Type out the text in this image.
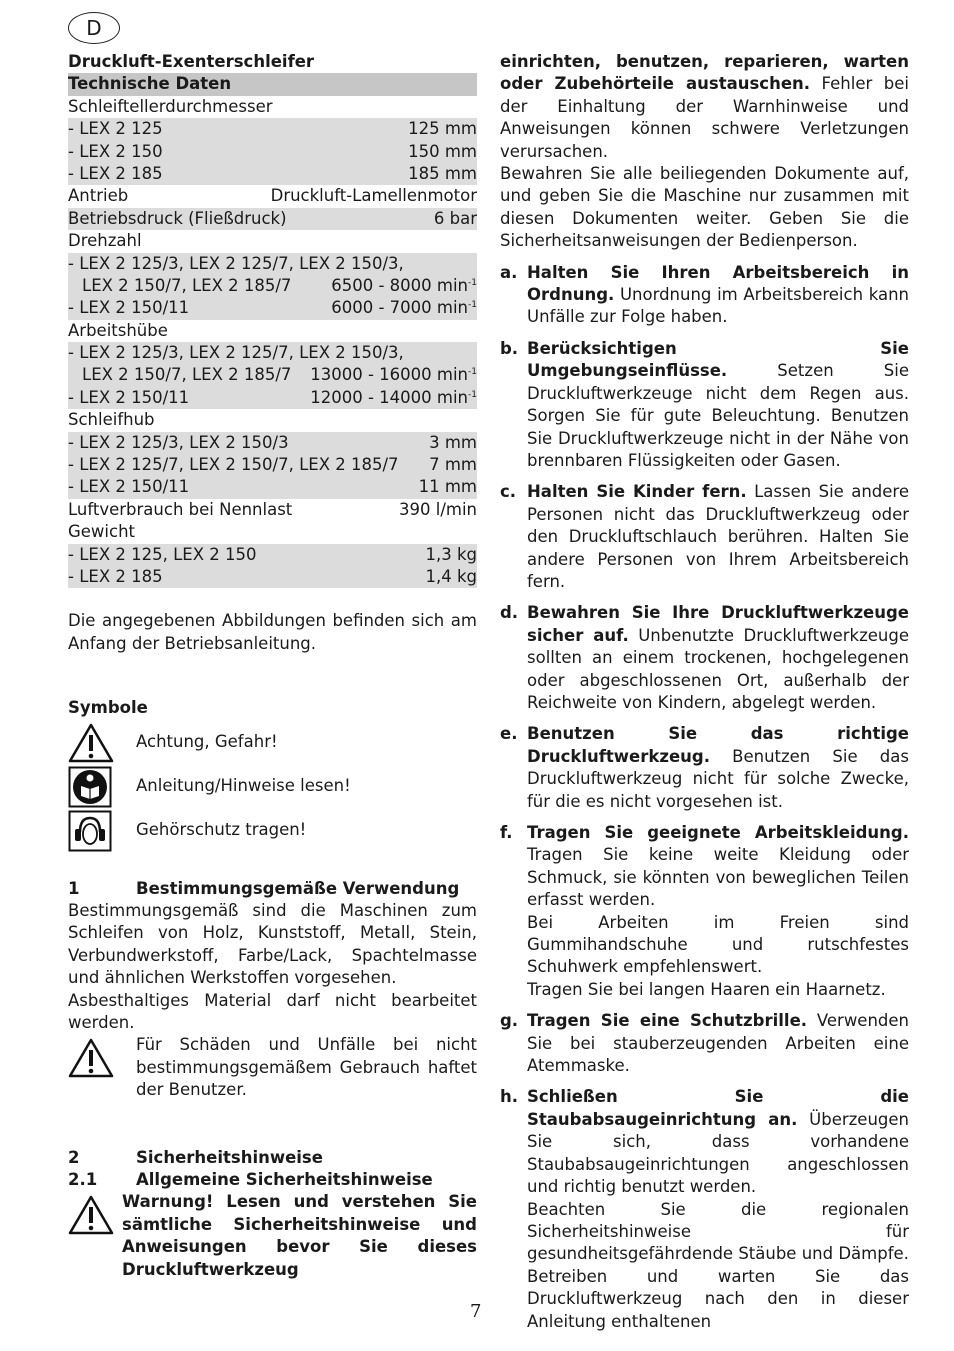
D
Druckluft-Exenterschleifer
Technische Daten
Schleiftellerdurchmesser
- LEX 2 125	125 mm
- LEX 2 150	150 mm
- LEX 2 185	185 mm
Antrieb	Druckluft-Lamellenmotor
Betriebsdruck (Fließdruck)	6 bar
Drehzahl
- LEX 2 125/3, LEX 2 125/7, LEX 2 150/3,
LEX 2 150/7, LEX 2 185/7 6500 - 8000 $\min^{-1}$
- LEX 2 150/11	6000 - 7000 $\min^{-1}$
Arbeitshübe
- LEX 2 125/3, LEX 2 125/7, LEX 2 150/3,
LEX 2 150/7, LEX 2 185/7 13000 - 16000 $\min^{-1}$
- LEX 2 150/11	12000 - 14000 $\min^{-1}$
Schleifhub
- LEX 2 125/3, LEX 2 150/3	3 mm
- LEX 2 125/7, LEX 2 150/7, LEX 2 185/7 7 mm
- LEX 2 150/11	11 mm
Luftverbrauch bei Nennlast	390 l/min
Gewicht
- LEX 2 125, LEX 2 150	1,3 kg
- LEX 2 185	1,4 kg

Die angegebenen Abbildungen befinden sich am Anfang der Betriebsanleitung.

Symbole
Achtung, Gefahr!
Anleitung/Hinweise lesen!
Gehörschutz tragen!
1	Bestimmungsgemäße Verwendung

Bestimmungsgemäß sind die Maschinen zum Schleifen von Holz, Kunststoff, Metall, Stein, Verbundwerkstoff, Farbe/Lack, Spachtelmasse und ähnlichen Werkstoffen vorgesehen.

Asbesthaltiges Material darf nicht bearbeitet werden.

Für Schäden und Unfälle bei nicht bestimmungsgemäßem Gebrauch haftet der Benutzer.

2	Sicherheitshinweise
2.1	Allgemeine Sicherheitshinweise

Warnung! Lesen und verstehen Sie sämtliche Sicherheitshinweise und Anweisungen bevor Sie dieses Druckluftwerkzeug

einrichten, benutzen, reparieren, warten oder Zubehörteile austauschen. Fehler bei der Einhaltung der Warnhinweise und Anweisungen können schwere Verletzungen verursachen.

Bewahren Sie alle beiliegenden Dokumente auf, und geben Sie die Maschine nur zusammen mit diesen Dokumenten weiter. Geben Sie die Sicherheitsanweisungen der Bedienperson.

a. Halten Sie Ihren Arbeitsbereich in Ordnung. Unordnung im Arbeitsbereich kann Unfälle zur Folge haben.

b. Berücksichtigen Sie Umgebungseinflüsse. Setzen Sie Druckluftwerkzeuge nicht dem Regen aus. Sorgen Sie für gute Beleuchtung. Benutzen Sie Druckluftwerkzeuge nicht in der Nähe von brennbaren Flüssigkeiten oder Gasen.

c. Halten Sie Kinder fern. Lassen Sie andere Personen nicht das Druckluftwerkzeug oder den Druckluftschlauch berühren. Halten Sie andere Personen von Ihrem Arbeitsbereich fern.

d. Bewahren Sie Ihre Druckluftwerkzeuge sicher auf. Unbenutzte Druckluftwerkzeuge sollten an einem trockenen, hochgelegenen oder abgeschlossenen Ort, außerhalb der Reichweite von Kindern, abgelegt werden.

e. Benutzen Sie das richtige Druckluftwerkzeug. Benutzen Sie das Druckluftwerkzeug nicht für solche Zwecke, für die es nicht vorgesehen ist.

f. Tragen Sie geeignete Arbeitskleidung. Tragen Sie keine weite Kleidung oder Schmuck, sie könnten von beweglichen Teilen erfasst werden.

Bei Arbeiten im Freien sind Gummihandschuhe und rutschfestes Schuhwerk empfehlenswert.

Tragen Sie bei langen Haaren ein Haarnetz.

g. Tragen Sie eine Schutzbrille. Verwenden Sie bei stauberzeugenden Arbeiten eine Atemmaske.

h. Schließen Sie die Staubabsaugeinrichtung an. Überzeugen Sie sich, dass vorhandene Staubabsaugeinrichtungen angeschlossen und richtig benutzt werden.

Beachten Sie die regionalen Sicherheitshinweise für gesundheitsgefährdende Stäube und Dämpfe.

Betreiben und warten Sie das Druckluftwerkzeug nach den in dieser Anleitung enthaltenen

7
